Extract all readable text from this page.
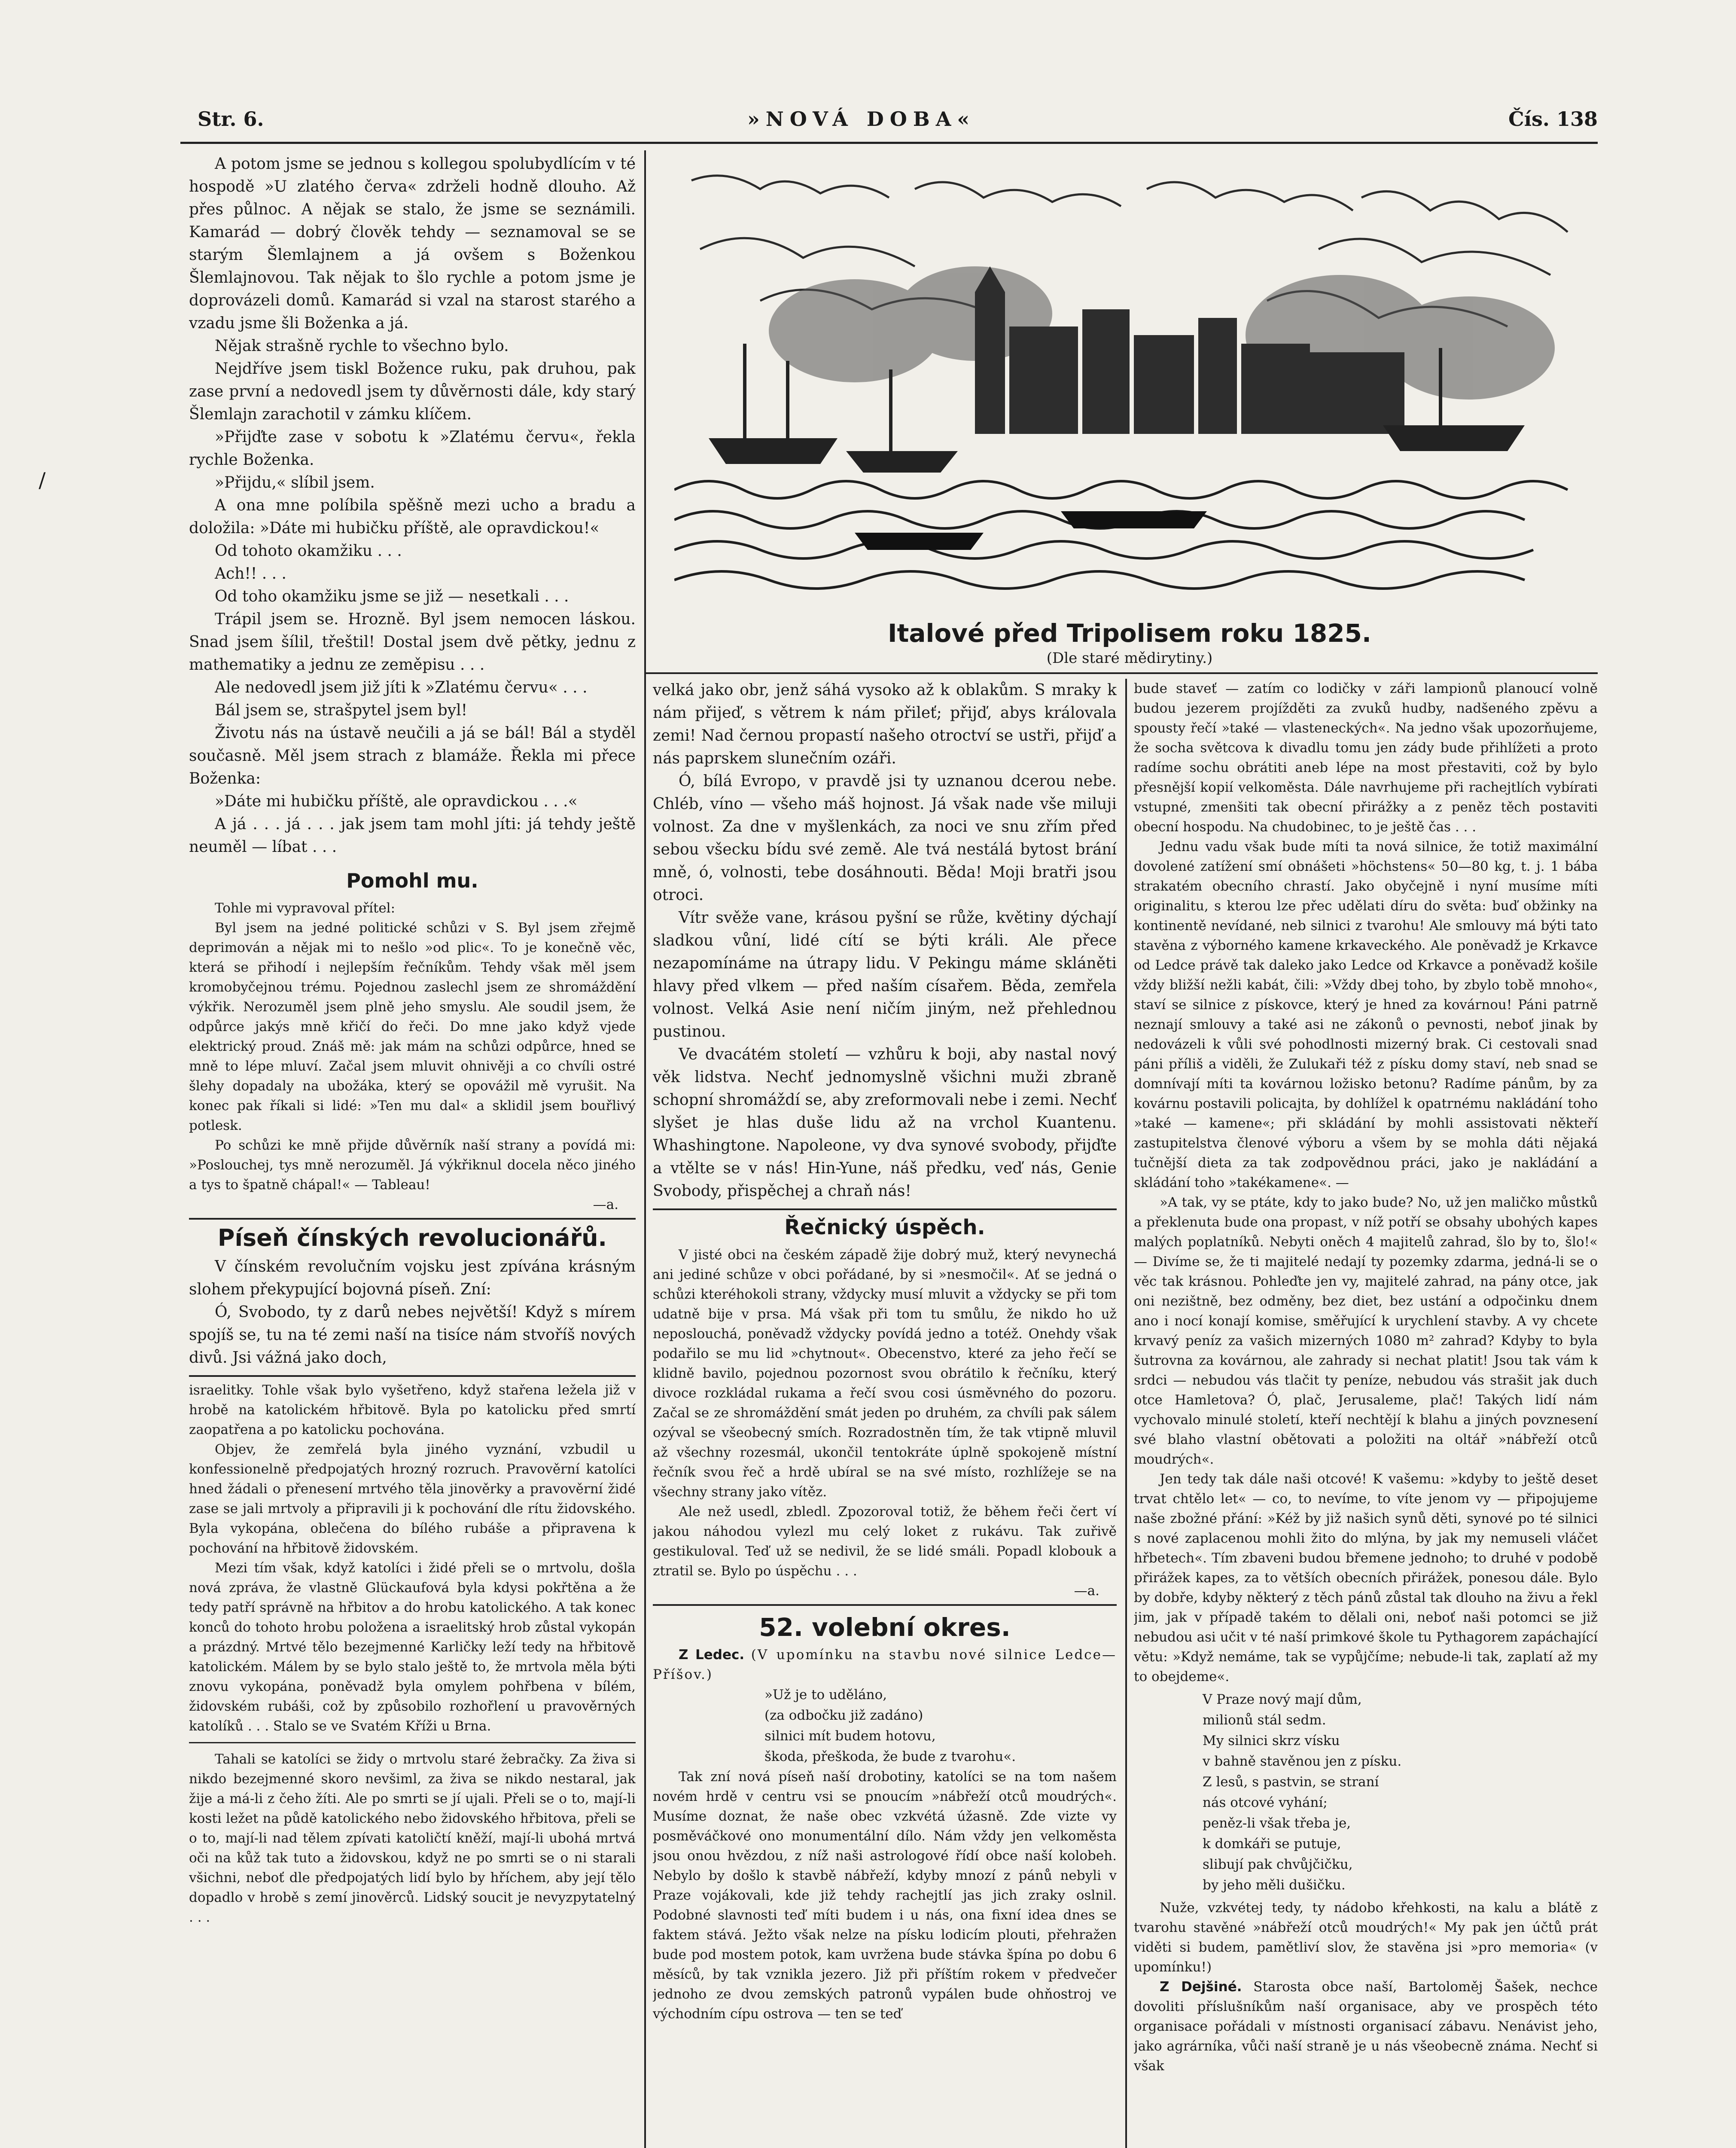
Str. 6.	»NOVÁ DOBA«	Čís. 138
/

A potom jsme se jednou s kollegou spolubydlícím v té hospodě »U zlatého červa« zdrželi hodně dlouho. Až přes půlnoc. A nějak se stalo, že jsme se seznámili. Kamarád — dobrý člověk tehdy — seznamoval se se starým Šlemlajnem a já ovšem s Boženkou Šlemlajnovou. Tak nějak to šlo rychle a potom jsme je doprovázeli domů. Kamarád si vzal na starost starého a vzadu jsme šli Boženka a já.

Nějak strašně rychle to všechno bylo.

Nejdříve jsem tiskl Božence ruku, pak druhou, pak zase první a nedovedl jsem ty důvěrnosti dále, kdy starý Šlemlajn zarachotil v zámku klíčem.

»Přijďte zase v sobotu k »Zlatému červu«, řekla rychle Boženka.

»Přijdu,« slíbil jsem.

A ona mne políbila spěšně mezi ucho a bradu a doložila: »Dáte mi hubičku příště, ale opravdickou!«

Od tohoto okamžiku . . .

Ach!! . . .

Od toho okamžiku jsme se již — nesetkali . . .

Trápil jsem se. Hrozně. Byl jsem nemocen láskou. Snad jsem šílil, třeštil! Dostal jsem dvě pětky, jednu z mathematiky a jednu ze zeměpisu . . .

Ale nedovedl jsem již jíti k »Zlatému červu« . . .

Bál jsem se, strašpytel jsem byl!

Životu nás na ústavě neučili a já se bál! Bál a styděl současně. Měl jsem strach z blamáže. Řekla mi přece Boženka:

»Dáte mi hubičku příště, ale opravdickou . . .«

A já . . . já . . . jak jsem tam mohl jíti: já tehdy ještě neuměl — líbat . . .

Pomohl mu.

Tohle mi vypravoval přítel:

Byl jsem na jedné politické schůzi v S. Byl jsem zřejmě deprimován a nějak mi to nešlo »od plic«. To je konečně věc, která se přihodí i nejlepším řečníkům. Tehdy však měl jsem kromobyčejnou trému. Pojednou zaslechl jsem ze shromáždění výkřik. Nerozuměl jsem plně jeho smyslu. Ale soudil jsem, že odpůrce jakýs mně křičí do řeči. Do mne jako když vjede elektrický proud. Znáš mě: jak mám na schůzi odpůrce, hned se mně to lépe mluví. Začal jsem mluvit ohnivěji a co chvíli ostré šlehy dopadaly na ubožáka, který se opovážil mě vyrušit. Na konec pak říkali si lidé: »Ten mu dal« a sklidil jsem bouřlivý potlesk.

Po schůzi ke mně přijde důvěrník naší strany a povídá mi: »Poslouchej, tys mně nerozuměl. Já výkřiknul docela něco jiného a tys to špatně chápal!« — Tableau!

—a.
Píseň čínských revolucionářů.

V čínském revolučním vojsku jest zpívána krásným slohem překypující bojovná píseň. Zní:

Ó, Svobodo, ty z darů nebes největší! Když s mírem spojíš se, tu na té zemi naší na tisíce nám stvoříš nových divů. Jsi vážná jako doch,

israelitky. Tohle však bylo vyšetřeno, když stařena ležela již v hrobě na katolickém hřbitově. Byla po katolicku před smrtí zaopatřena a po katolicku pochována.

Objev, že zemřelá byla jiného vyznání, vzbudil u konfessionelně předpojatých hrozný rozruch. Pravověrní katolíci hned žádali o přenesení mrtvého těla jinověrky a pravověrní židé zase se jali mrtvoly a připravili ji k pochování dle rítu židovského. Byla vykopána, oblečena do bílého rubáše a připravena k pochování na hřbitově židovském.

Mezi tím však, když katolíci i židé přeli se o mrtvolu, došla nová zpráva, že vlastně Glückaufová byla kdysi pokřtěna a že tedy patří správně na hřbitov a do hrobu katolického. A tak konec konců do tohoto hrobu položena a israelitský hrob zůstal vykopán a prázdný. Mrtvé tělo bezejmenné Karličky leží tedy na hřbitově katolickém. Málem by se bylo stalo ještě to, že mrtvola měla býti znovu vykopána, poněvadž byla omylem pohřbena v bílém, židovském rubáši, což by způsobilo rozhořlení u pravověrných katolíků . . . Stalo se ve Svatém Kříži u Brna.

Tahali se katolíci se židy o mrtvolu staré žebračky. Za živa si nikdo bezejmenné skoro nevšiml, za živa se nikdo nestaral, jak žije a má-li z čeho žíti. Ale po smrti se jí ujali. Přeli se o to, mají-li kosti ležet na půdě katolického nebo židovského hřbitova, přeli se o to, mají-li nad tělem zpívati katoličtí kněží, mají-li ubohá mrtvá oči na kůž tak tuto a židovskou, když ne po smrti se o ni starali všichni, neboť dle předpojatých lidí bylo by hříchem, aby její tělo dopadlo v hrobě s zemí jinověrců. Lidský soucit je nevyzpytatelný . . .

Italové před Tripolisem roku 1825.
(Dle staré mědirytiny.)

velká jako obr, jenž sáhá vysoko až k oblakům. S mraky k nám přijeď, s větrem k nám přileť; přijď, abys královala zemi! Nad černou propastí našeho otroctví se ustři, přijď a nás paprskem slunečním ozáři.

Ó, bílá Evropo, v pravdě jsi ty uznanou dcerou nebe. Chléb, víno — všeho máš hojnost. Já však nade vše miluji volnost. Za dne v myšlenkách, za noci ve snu zřím před sebou všecku bídu své země. Ale tvá nestálá bytost brání mně, ó, volnosti, tebe dosáhnouti. Běda! Moji bratři jsou otroci.

Vítr svěže vane, krásou pyšní se růže, květiny dýchají sladkou vůní, lidé cítí se býti králi. Ale přece nezapomínáme na útrapy lidu. V Pekingu máme skláněti hlavy před vlkem — před naším císařem. Běda, zemřela volnost. Velká Asie není ničím jiným, než přehlednou pustinou.

Ve dvacátém století — vzhůru k boji, aby nastal nový věk lidstva. Nechť jednomyslně všichni muži zbraně schopní shromáždí se, aby zreformovali nebe i zemi. Nechť slyšet je hlas duše lidu až na vrchol Kuantenu. Whashingtone. Napoleone, vy dva synové svobody, přijďte a vtělte se v nás! Hin-Yune, náš předku, veď nás, Genie Svobody, přispěchej a chraň nás!

Řečnický úspěch.

V jisté obci na českém západě žije dobrý muž, který nevynechá ani jediné schůze v obci pořádané, by si »nesmočil«. Ať se jedná o schůzi kteréhokoli strany, vždycky musí mluvit a vždycky se při tom udatně bije v prsa. Má však při tom tu smůlu, že nikdo ho už neposlouchá, poněvadž vždycky povídá jedno a totéž. Onehdy však podařilo se mu lid »chytnout«. Obecenstvo, které za jeho řečí se klidně bavilo, pojednou pozornost svou obrátilo k řečníku, který divoce rozkládal rukama a řečí svou cosi úsměvného do pozoru. Začal se ze shromáždění smát jeden po druhém, za chvíli pak sálem ozýval se všeobecný smích. Rozradostněn tím, že tak vtipně mluvil až všechny rozesmál, ukončil tentokráte úplně spokojeně místní řečník svou řeč a hrdě ubíral se na své místo, rozhlížeje se na všechny strany jako vítěz.

Ale než usedl, zbledl. Zpozoroval totiž, že během řeči čert ví jakou náhodou vylezl mu celý loket z rukávu. Tak zuřivě gestikuloval. Teď už se nedivil, že se lidé smáli. Popadl klobouk a ztratil se. Bylo po úspěchu . . .

—a.
52. volební okres.

Z Ledec. (V upomínku na stavbu nové silnice Ledce—Příšov.)

»Už je to uděláno,
(za odbočku již zadáno)
silnici mít budem hotovu,
škoda, přeškoda, že bude z tvarohu«.

Tak zní nová píseň naší drobotiny, katolíci se na tom našem novém hrdě v centru vsi se pnoucím »nábřeží otců moudrých«. Musíme doznat, že naše obec vzkvétá úžasně. Zde vizte vy posměváčkové ono monumentální dílo. Nám vždy jen velkoměsta jsou onou hvězdou, z níž naši astrologové řídí obce naší kolobeh. Nebylo by došlo k stavbě nábřeží, kdyby mnozí z pánů nebyli v Praze vojákovali, kde již tehdy rachejtlí jas jich zraky oslnil. Podobné slavnosti teď míti budem i u nás, ona fixní idea dnes se faktem stává. Ježto však nelze na písku lodicím plouti, přehražen bude pod mostem potok, kam uvržena bude stávka špína po dobu 6 měsíců, by tak vznikla jezero. Již při příštím rokem v předvečer jednoho ze dvou zemských patronů vypálen bude ohňostroj ve východním cípu ostrova — ten se teď

bude staveť — zatím co lodičky v záři lampionů planoucí volně budou jezerem projížděti za zvuků hudby, nadšeného zpěvu a spousty řečí »také — vlasteneckých«. Na jedno však upozorňujeme, že socha světcova k divadlu tomu jen zády bude přihlížeti a proto radíme sochu obrátiti aneb lépe na most přestaviti, což by bylo přesnější kopií velkoměsta. Dále navrhujeme při rachejtlích vybírati vstupné, zmenšiti tak obecní přirážky a z peněz těch postaviti obecní hospodu. Na chudobinec, to je ještě čas . . .

Jednu vadu však bude míti ta nová silnice, že totiž maximální dovolené zatížení smí obnášeti »höchstens« 50—80 kg, t. j. 1 bába strakatém obecního chrastí. Jako obyčejně i nyní musíme míti originalitu, s kterou lze přec udělati díru do světa: buď obžinky na kontinentě nevídané, neb silnici z tvarohu! Ale smlouvy má býti tato stavěna z výborného kamene krkaveckého. Ale poněvadž je Krkavce od Ledce právě tak daleko jako Ledce od Krkavce a poněvadž košile vždy bližší nežli kabát, čili: »Vždy dbej toho, by zbylo tobě mnoho«, staví se silnice z pískovce, který je hned za kovárnou! Páni patrně neznají smlouvy a také asi ne zákonů o pevnosti, neboť jinak by nedovázeli k vůli své pohodlnosti mizerný brak. Ci cestovali snad páni příliš a viděli, že Zulukaři též z písku domy staví, neb snad se domnívají míti ta kovárnou ložisko betonu? Radíme pánům, by za kovárnu postavili policajta, by dohlížel k opatrnému nakládání toho »také — kamene«; při skládání by mohli assistovati někteří zastupitelstva členové výboru a všem by se mohla dáti nějaká tučnější dieta za tak zodpovědnou práci, jako je nakládání a skládání toho »takékamene«. —

»A tak, vy se ptáte, kdy to jako bude? No, už jen maličko můstků a překlenuta bude ona propast, v níž potří se obsahy ubohých kapes malých poplatníků. Nebyti oněch 4 majitelů zahrad, šlo by to, šlo!« — Divíme se, že ti majitelé nedají ty pozemky zdarma, jedná-li se o věc tak krásnou. Pohleďte jen vy, majitelé zahrad, na pány otce, jak oni nezištně, bez odměny, bez diet, bez ustání a odpočinku dnem ano i nocí konají komise, směřující k urychlení stavby. A vy chcete krvavý peníz za vašich mizerných 1080 m² zahrad? Kdyby to byla šutrovna za kovárnou, ale zahrady si nechat platit! Jsou tak vám k srdci — nebudou vás tlačit ty peníze, nebudou vás strašit jak duch otce Hamletova? Ó, plač, Jerusaleme, plač! Takých lidí nám vychovalo minulé století, kteří nechtějí k blahu a jiných povznesení své blaho vlastní obětovati a položiti na oltář »nábřeží otců moudrých«.

Jen tedy tak dále naši otcové! K vašemu: »kdyby to ještě deset trvat chtělo let« — co, to nevíme, to víte jenom vy — připojujeme naše zbožné přání: »Kéž by již našich synů děti, synové po té silnici s nové zaplacenou mohli žito do mlýna, by jak my nemuseli vláčet hřbetech«. Tím zbaveni budou břemene jednoho; to druhé v podobě přirážek kapes, za to větších obecních přirážek, ponesou dále. Bylo by dobře, kdyby některý z těch pánů zůstal tak dlouho na živu a řekl jim, jak v případě takém to dělali oni, neboť naši potomci se již nebudou asi učit v té naší primkové škole tu Pythagorem zapáchající větu: »Když nemáme, tak se vypůjčíme; nebude-li tak, zaplatí až my to obejdeme«.

V Praze nový mají dům,
milionů stál sedm.
My silnici skrz vísku
v bahně stavěnou jen z písku.
Z lesů, s pastvin, se straní
nás otcové vyhání;
peněz-li však třeba je,
k domkáři se putuje,
slibují pak chvůjčičku,
by jeho měli dušičku.

Nuže, vzkvétej tedy, ty nádobo křehkosti, na kalu a blátě z tvarohu stavěné »nábřeží otců moudrých!« My pak jen účtů prát viděti si budem, pamětliví slov, že stavěna jsi »pro memoria« (v upomínku!)

Z Dejšiné. Starosta obce naší, Bartoloměj Šašek, nechce dovoliti příslušníkům naší organisace, aby ve prospěch této organisace pořádali v místnosti organisací zábavu. Nenávist jeho, jako agrárníka, vůči naší straně je u nás všeobecně známa. Nechť si však
